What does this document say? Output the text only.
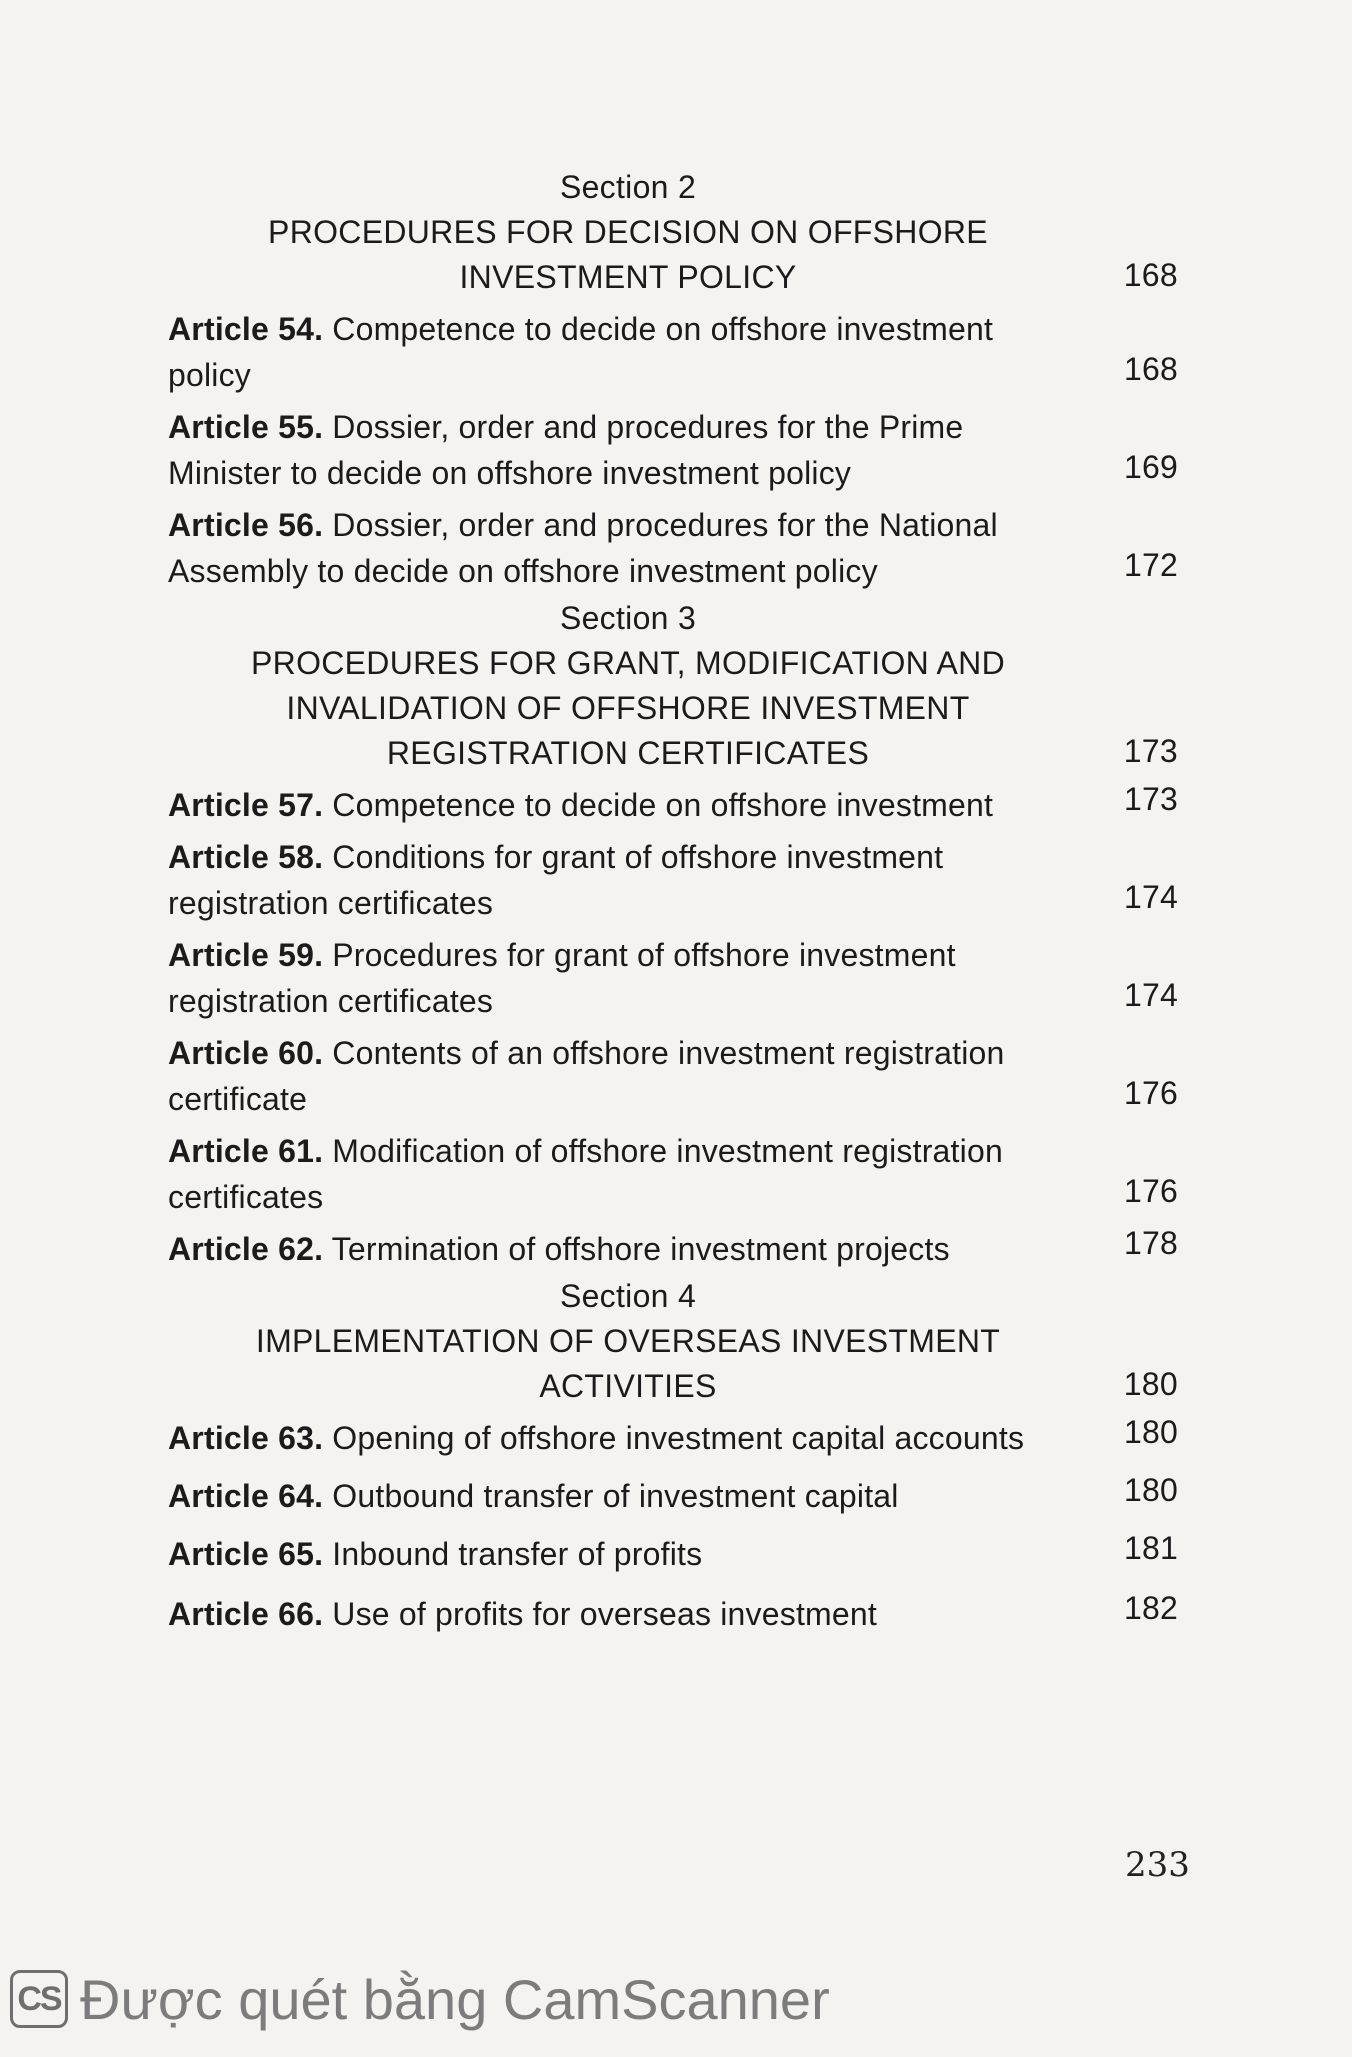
Section 2
PROCEDURES FOR DECISION ON OFFSHORE
INVESTMENT POLICY	168
Article 54. Competence to decide on offshore investment policy	168
Article 55. Dossier, order and procedures for the Prime Minister to decide on offshore investment policy	169
Article 56. Dossier, order and procedures for the National Assembly to decide on offshore investment policy	172
Section 3
PROCEDURES FOR GRANT, MODIFICATION AND
INVALIDATION OF OFFSHORE INVESTMENT
REGISTRATION CERTIFICATES	173
Article 57. Competence to decide on offshore investment	173
Article 58. Conditions for grant of offshore investment registration certificates	174
Article 59. Procedures for grant of offshore investment registration certificates	174
Article 60. Contents of an offshore investment registration certificate	176
Article 61. Modification of offshore investment registration certificates	176
Article 62. Termination of offshore investment projects	178
Section 4
IMPLEMENTATION OF OVERSEAS INVESTMENT
ACTIVITIES	180
Article 63. Opening of offshore investment capital accounts	180
Article 64. Outbound transfer of investment capital	180
Article 65. Inbound transfer of profits	181
Article 66. Use of profits for overseas investment	182
233
CS Được quét bằng CamScanner
